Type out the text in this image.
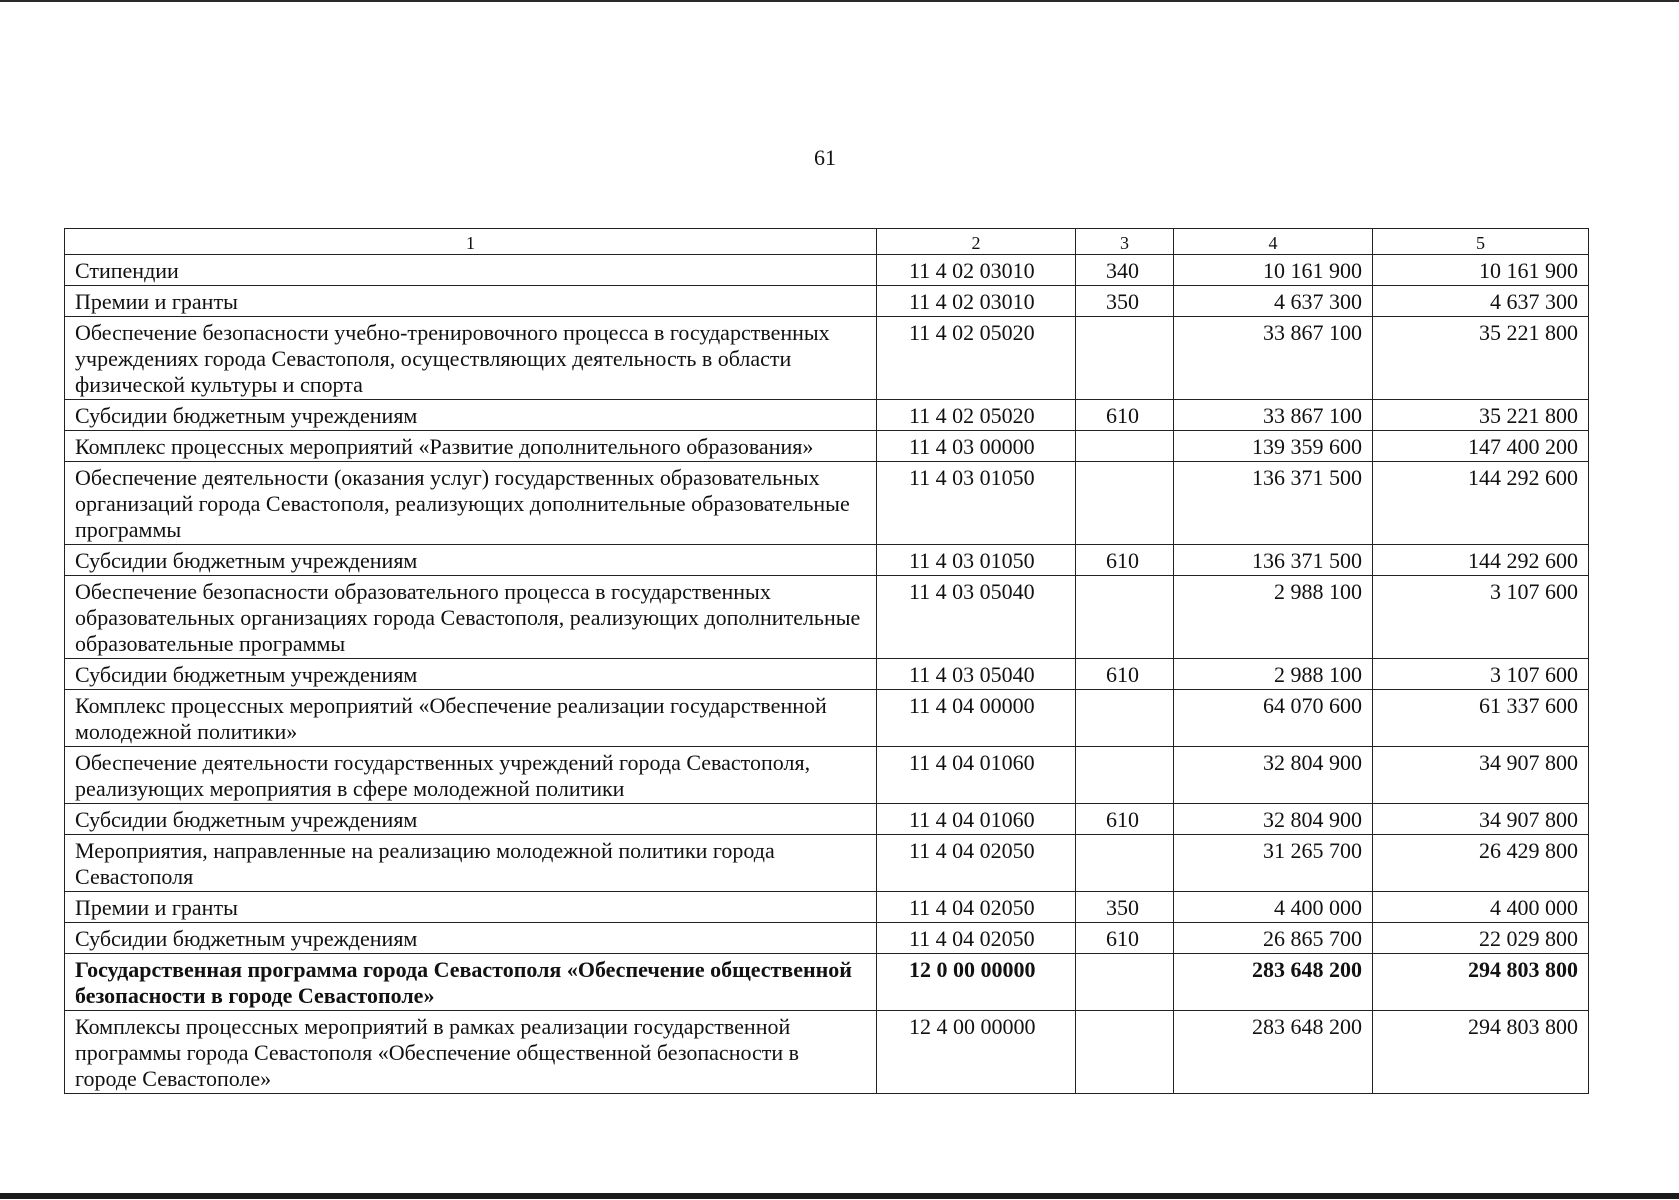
61
1	2	3	4	5
Стипендии	11 4 02 03010	340	10 161 900	10 161 900
Премии и гранты	11 4 02 03010	350	4 637 300	4 637 300
Обеспечение безопасности учебно-тренировочного процесса в государственных учреждениях города Севастополя, осуществляющих деятельность в области физической культуры и спорта	11 4 02 05020		33 867 100	35 221 800
Субсидии бюджетным учреждениям	11 4 02 05020	610	33 867 100	35 221 800
Комплекс процессных мероприятий «Развитие дополнительного образования»	11 4 03 00000		139 359 600	147 400 200
Обеспечение деятельности (оказания услуг) государственных образовательных организаций города Севастополя, реализующих дополнительные образовательные программы	11 4 03 01050		136 371 500	144 292 600
Субсидии бюджетным учреждениям	11 4 03 01050	610	136 371 500	144 292 600
Обеспечение безопасности образовательного процесса в государственных образовательных организациях города Севастополя, реализующих дополнительные образовательные программы	11 4 03 05040		2 988 100	3 107 600
Субсидии бюджетным учреждениям	11 4 03 05040	610	2 988 100	3 107 600
Комплекс процессных мероприятий «Обеспечение реализации государственной молодежной политики»	11 4 04 00000		64 070 600	61 337 600
Обеспечение деятельности государственных учреждений города Севастополя, реализующих мероприятия в сфере молодежной политики	11 4 04 01060		32 804 900	34 907 800
Субсидии бюджетным учреждениям	11 4 04 01060	610	32 804 900	34 907 800
Мероприятия, направленные на реализацию молодежной политики города Севастополя	11 4 04 02050		31 265 700	26 429 800
Премии и гранты	11 4 04 02050	350	4 400 000	4 400 000
Субсидии бюджетным учреждениям	11 4 04 02050	610	26 865 700	22 029 800
Государственная программа города Севастополя «Обеспечение общественной безопасности в городе Севастополе»	12 0 00 00000		283 648 200	294 803 800
Комплексы процессных мероприятий в рамках реализации государственной программы города Севастополя «Обеспечение общественной безопасности в городе Севастополе»	12 4 00 00000		283 648 200	294 803 800
